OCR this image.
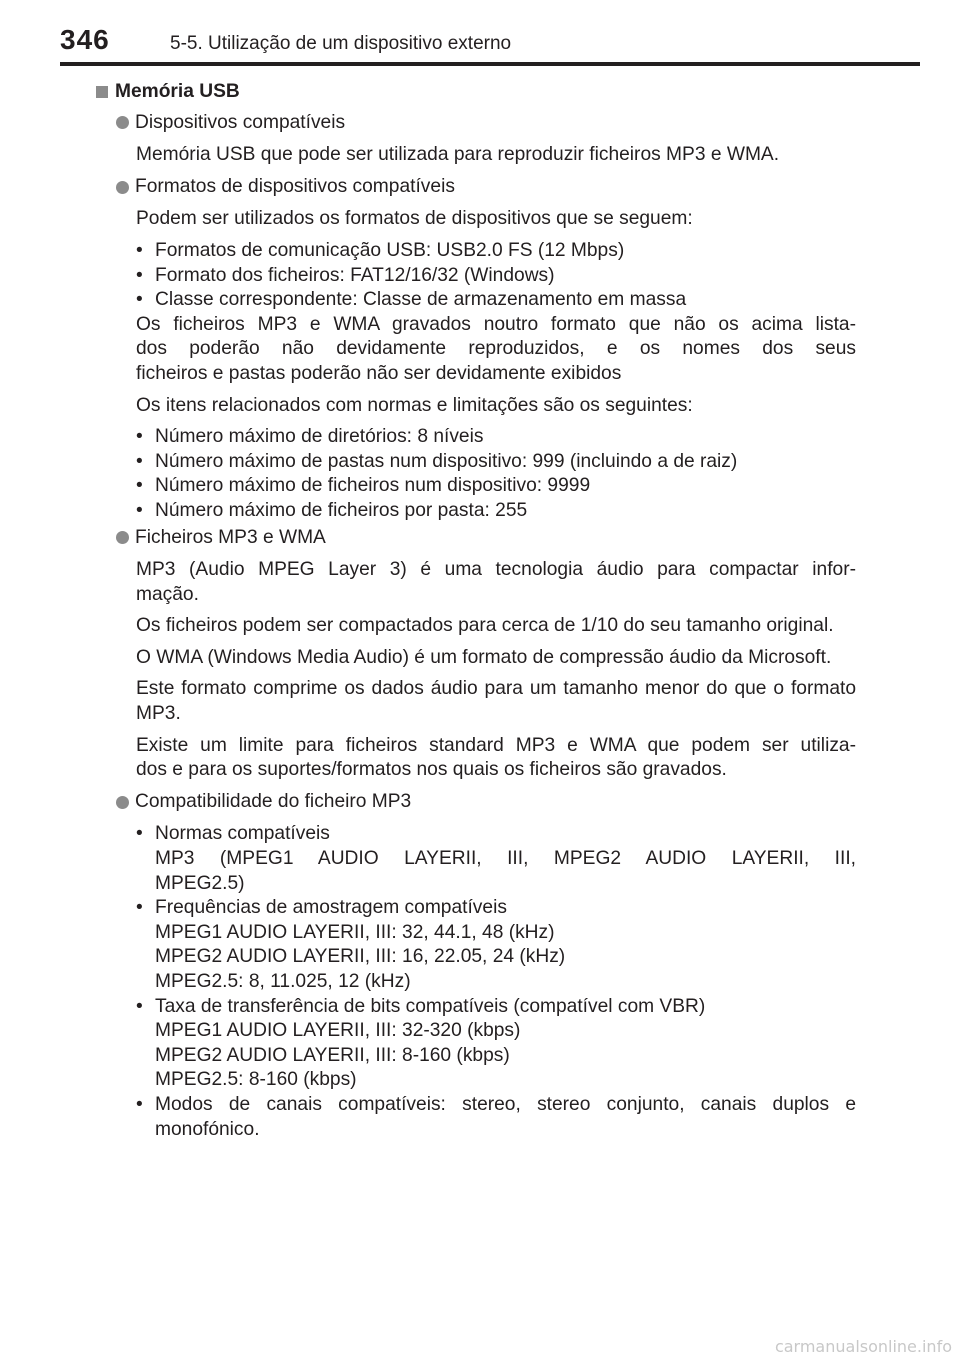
346	5-5. Utilização de um dispositivo externo
Memória USB
Dispositivos compatíveis

Memória USB que pode ser utilizada para reproduzir ficheiros MP3 e WMA.

Formatos de dispositivos compatíveis

Podem ser utilizados os formatos de dispositivos que se seguem:

• Formatos de comunicação USB: USB2.0 FS (12 Mbps)
• Formato dos ficheiros: FAT12/16/32 (Windows)
• Classe correspondente: Classe de armazenamento em massa
Os ficheiros MP3 e WMA gravados noutro formato que não os acima lista-
dos poderão não devidamente reproduzidos, e os nomes dos seus
ficheiros e pastas poderão não ser devidamente exibidos

Os itens relacionados com normas e limitações são os seguintes:

• Número máximo de diretórios: 8 níveis
• Número máximo de pastas num dispositivo: 999 (incluindo a de raiz)
• Número máximo de ficheiros num dispositivo: 9999
• Número máximo de ficheiros por pasta: 255
Ficheiros MP3 e WMA
MP3 (Audio MPEG Layer 3) é uma tecnologia áudio para compactar infor-
mação.

Os ficheiros podem ser compactados para cerca de 1/10 do seu tamanho original.

O WMA (Windows Media Audio) é um formato de compressão áudio da Microsoft.

Este formato comprime os dados áudio para um tamanho menor do que o formato MP3.

Existe um limite para ficheiros standard MP3 e WMA que podem ser utiliza-
dos e para os suportes/formatos nos quais os ficheiros são gravados.
Compatibilidade do ficheiro MP3
• Normas compatíveis
MP3 (MPEG1 AUDIO LAYERII, III, MPEG2 AUDIO LAYERII, III,
MPEG2.5)
• Frequências de amostragem compatíveis
MPEG1 AUDIO LAYERII, III: 32, 44.1, 48 (kHz)
MPEG2 AUDIO LAYERII, III: 16, 22.05, 24 (kHz)
MPEG2.5: 8, 11.025, 12 (kHz)
• Taxa de transferência de bits compatíveis (compatível com VBR)
MPEG1 AUDIO LAYERII, III: 32-320 (kbps)
MPEG2 AUDIO LAYERII, III: 8-160 (kbps)
MPEG2.5: 8-160 (kbps)
• Modos de canais compatíveis: stereo, stereo conjunto, canais duplos e monofónico.
carmanualsonline.info
